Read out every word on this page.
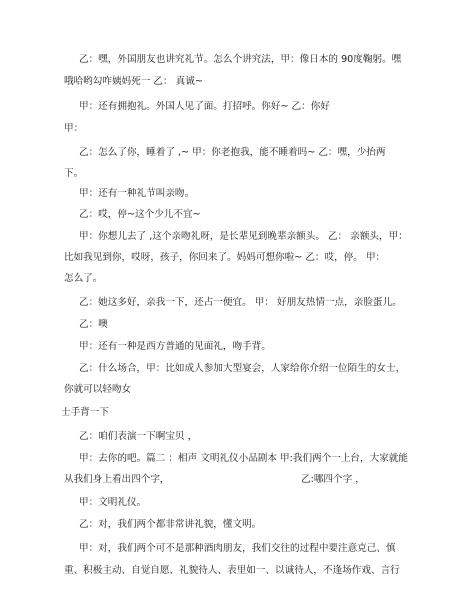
乙：嘿，外国朋友也讲究礼节。怎么个讲究法，甲：像日本的 90度鞠躬。嘿

哦哈哟勾咋姨妈死一 乙： 真诚~

甲：还有拥抱礼。外国人见了面。打招呼。你好~ 乙：你好

甲：

乙：怎么了你，睡着了 ,~ 甲：你老抱我，能不睡着吗~ 乙：嘿，少抬两

下。

甲：还有一种礼节叫亲吻。

乙：哎，停~这个少儿不宜~

甲：你想儿去了 ,这个亲吻礼呀，是长辈见到晚辈亲额头。 乙： 亲额头，甲：

比如我见到你，哎呀，孩子，你回来了。妈妈可想你啦~ 乙：哎，停。 甲：

怎么了。

乙：她这多好，亲我一下，还占一便宜。 甲： 好朋友热情一点，亲脸蛋儿。

乙：噢

甲：还有一种是西方普通的见面礼，吻手背。

乙：什么场合，甲：比如成人参加大型宴会，人家给你介绍一位陌生的女士，

你就可以轻吻女

士手背一下

乙：咱们表演一下啊宝贝 ，

甲：去你的吧。篇二 ：相声 文明礼仪小品剧本 甲:我们两个一上台，大家就能

从我们身上看出四个字，	乙:哪四个字 ，

甲：文明礼仪。

乙：对，我们两个都非常讲礼貌，懂文明。

甲：对，我们两个可不是那种酒肉朋友，我们交往的过程中要注意克己、慎

重、积极主动、自觉自愿、礼貌待人、表里如一、以诚待人，不逢场作戏、言行
